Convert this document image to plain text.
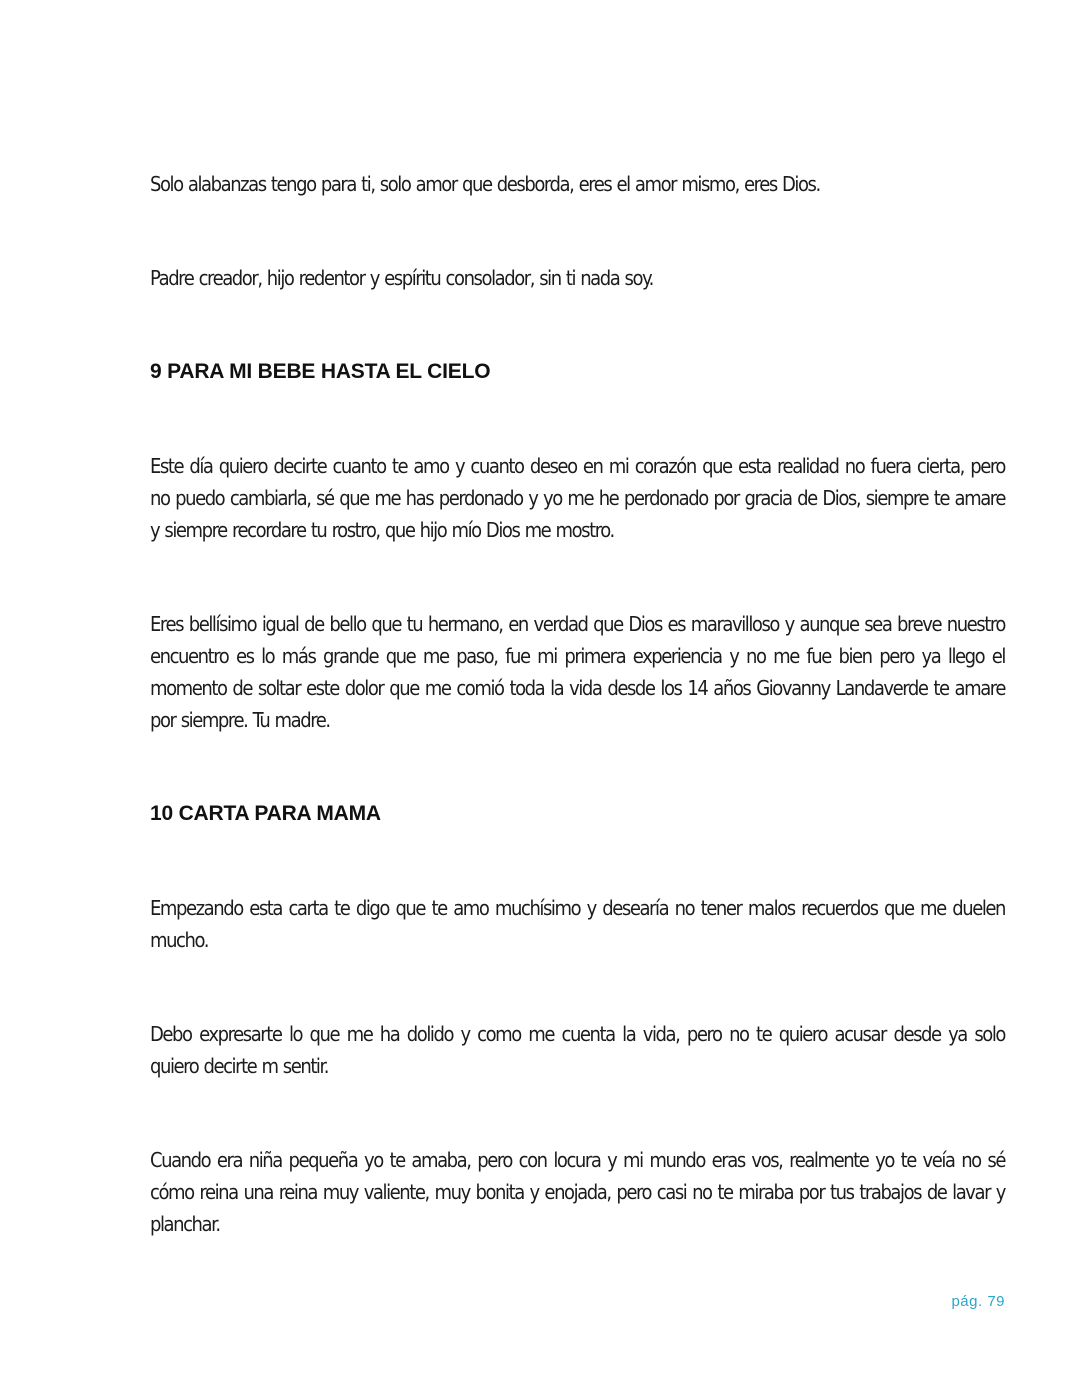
Solo alabanzas tengo para ti, solo amor que desborda, eres el amor mismo, eres Dios.

Padre creador, hijo redentor y espíritu consolador, sin ti nada soy.

9 PARA MI BEBE HASTA EL CIELO

Este día quiero decirte cuanto te amo y cuanto deseo en mi corazón que esta realidad no fuera cierta, pero no puedo cambiarla, sé que me has perdonado y yo me he perdonado por gracia de Dios, siempre te amare y siempre recordare tu rostro, que hijo mío Dios me mostro.

Eres bellísimo igual de bello que tu hermano, en verdad que Dios es maravilloso y aunque sea breve nuestro encuentro es lo más grande que me paso, fue mi primera experiencia y no me fue bien pero ya llego el momento de soltar este dolor que me comió toda la vida desde los 14 años Giovanny Landaverde te amare por siempre. Tu madre.

10 CARTA PARA MAMA

Empezando esta carta te digo que te amo muchísimo y desearía no tener malos recuerdos que me duelen mucho.

Debo expresarte lo que me ha dolido y como me cuenta la vida, pero no te quiero acusar desde ya solo quiero decirte m sentir.

Cuando era niña pequeña yo te amaba, pero con locura y mi mundo eras vos, realmente yo te veía no sé cómo reina una reina muy valiente, muy bonita y enojada, pero casi no te miraba por tus trabajos de lavar y planchar.

pág. 79
